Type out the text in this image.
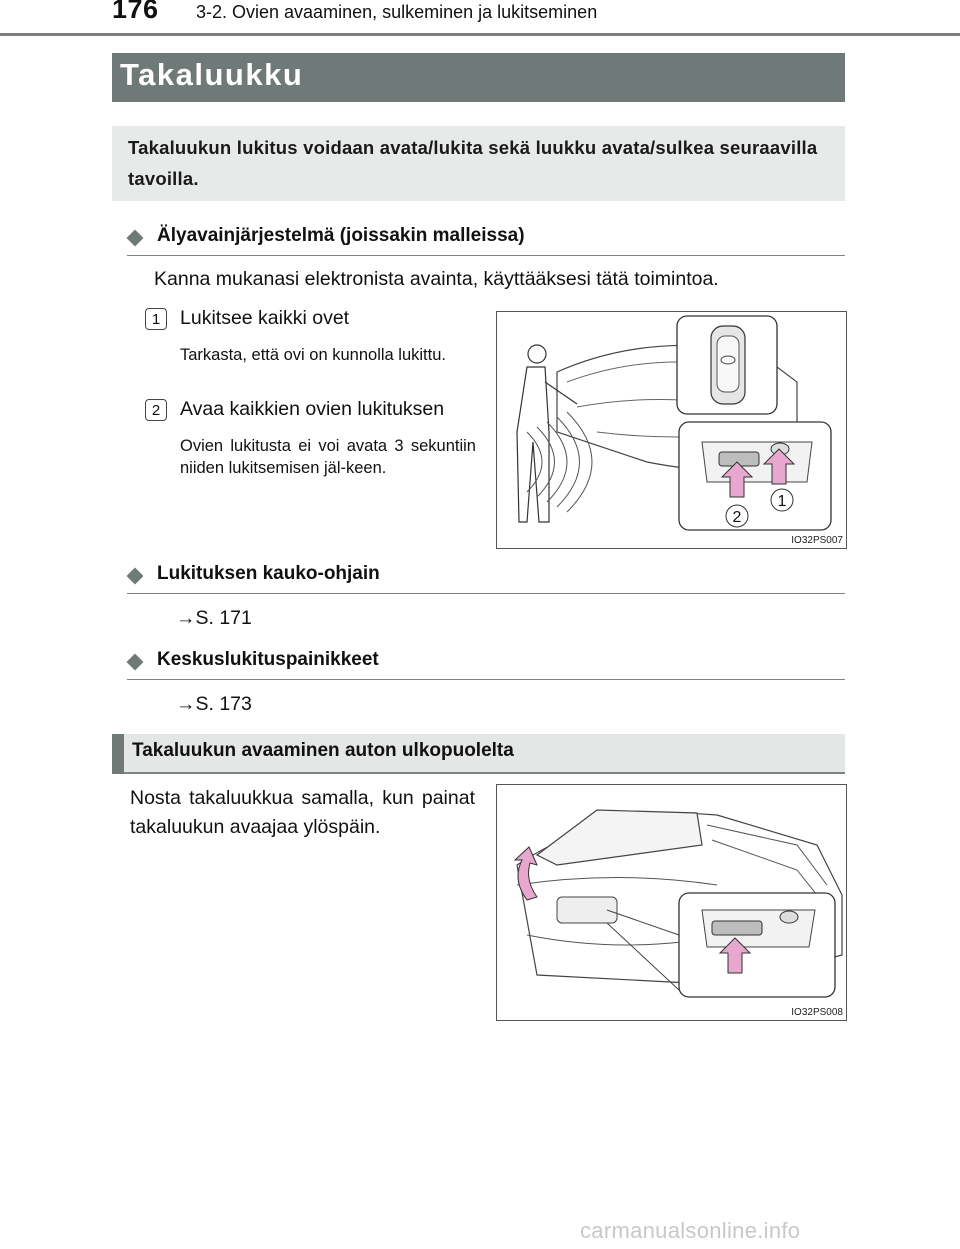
176 3-2. Ovien avaaminen, sulkeminen ja lukitseminen
Takaluukku
Takaluukun lukitus voidaan avata/lukita sekä luukku avata/sulkea seuraavilla tavoilla.
Älyavainjärjestelmä (joissakin malleissa)
Kanna mukanasi elektronista avainta, käyttääksesi tätä toimintoa.
1	Lukitsee kaikki ovet
Tarkasta, että ovi on kunnolla lukittu.
2	Avaa kaikkien ovien lukituksen
Ovien lukitusta ei voi avata 3 sekuntiin niiden lukitsemisen jäl-keen.
1
2
IO32PS007
Lukituksen kauko-ohjain
→S. 171
Keskuslukituspainikkeet
→S. 173
Takaluukun avaaminen auton ulkopuolelta
Nosta takaluukkua samalla, kun painat takaluukun avaajaa ylöspäin.
IO32PS008
carmanualsonline.info
